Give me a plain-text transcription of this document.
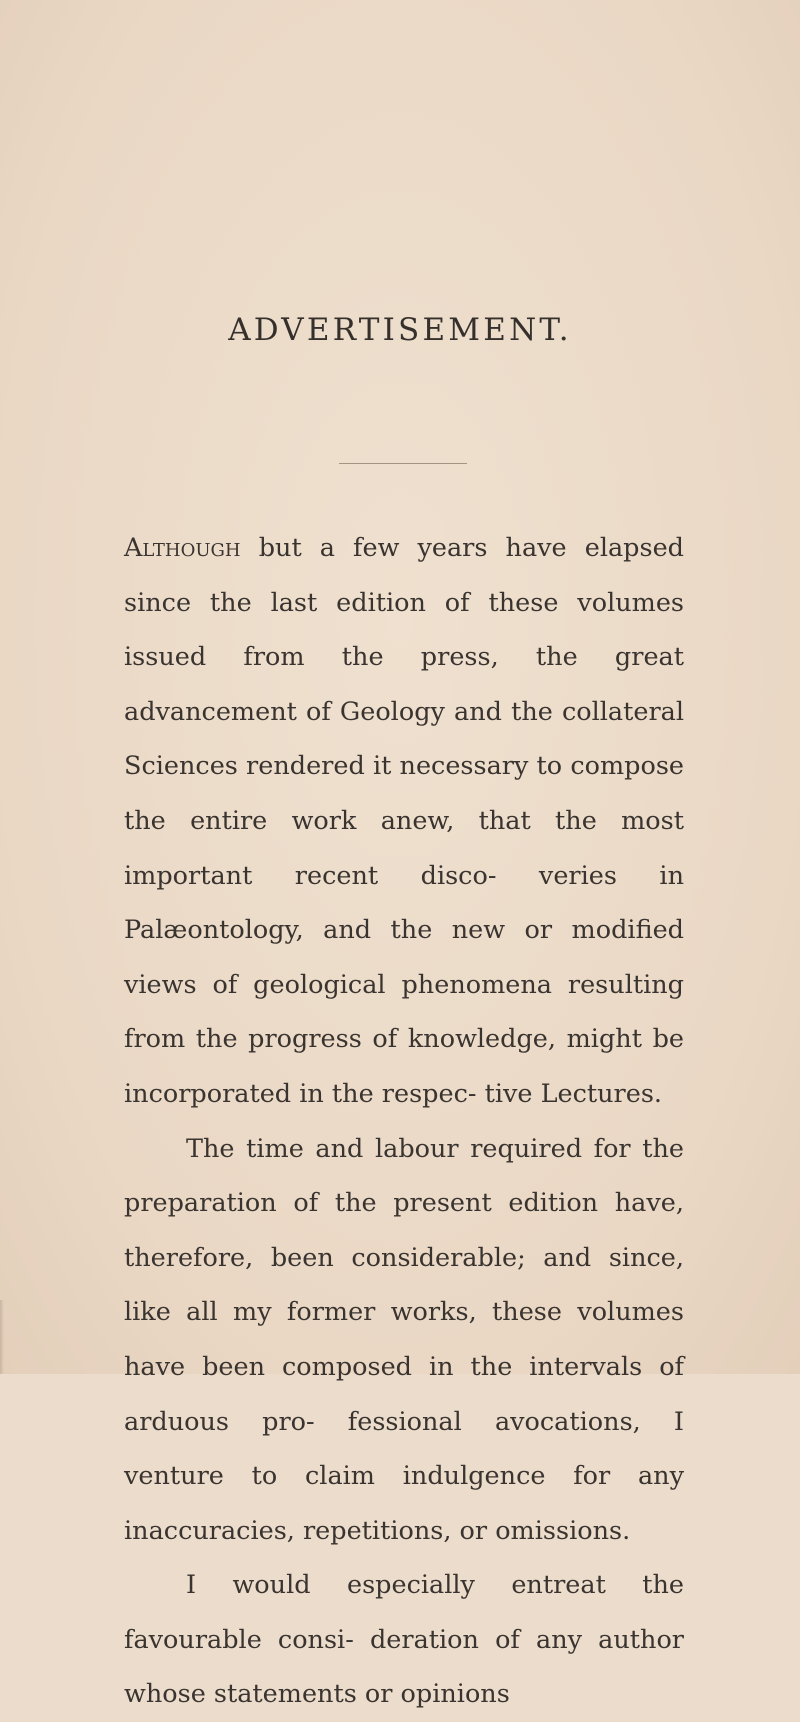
ADVERTISEMENT.

Although but a few years have elapsed since the last edition of these volumes issued from the press, the great advancement of Geology and the collateral Sciences rendered it necessary to compose the entire work anew, that the most important recent disco- veries in Palæontology, and the new or modified views of geological phenomena resulting from the progress of knowledge, might be incorporated in the respec- tive Lectures.

The time and labour required for the preparation of the present edition have, therefore, been considerable; and since, like all my former works, these volumes have been composed in the intervals of arduous pro- fessional avocations, I venture to claim indulgence for any inaccuracies, repetitions, or omissions.

I would especially entreat the favourable consi- deration of any author whose statements or opinions
